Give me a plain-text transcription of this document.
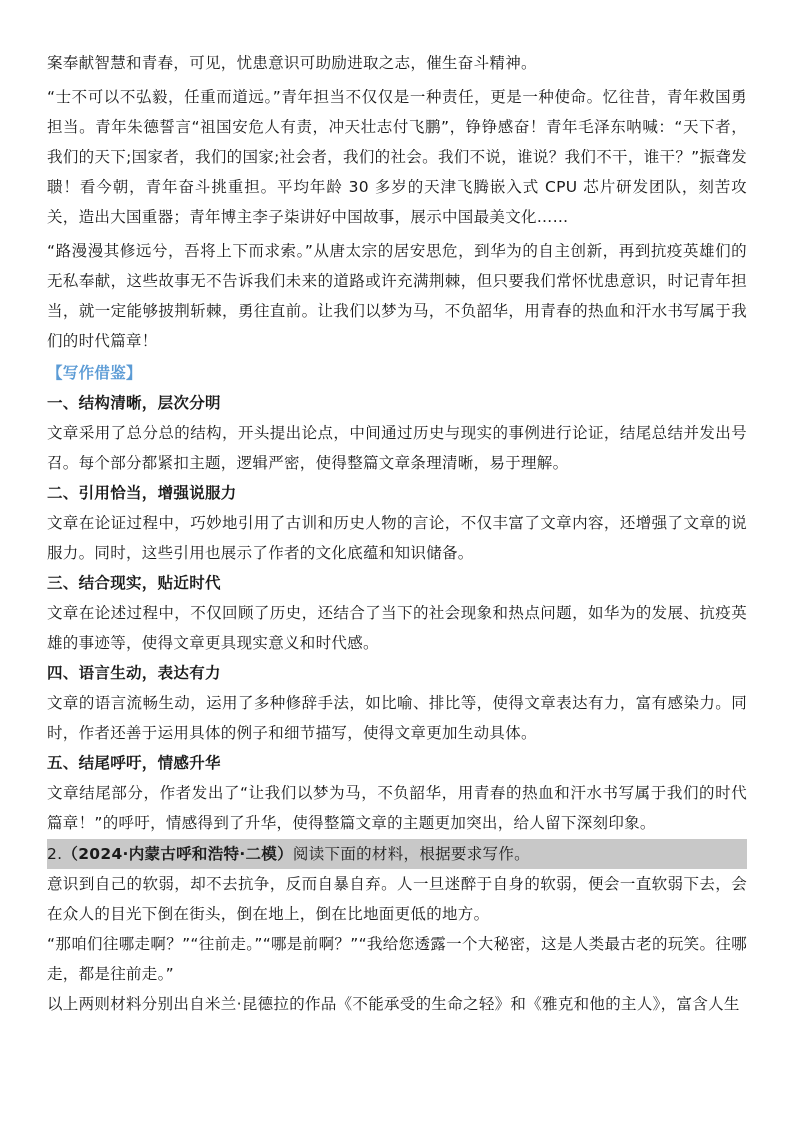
案奉献智慧和青春，可见，忧患意识可助励进取之志，催生奋斗精神。

“士不可以不弘毅，任重而道远。”青年担当不仅仅是一种责任，更是一种使命。忆往昔，青年救国勇担当。青年朱德誓言“祖国安危人有责，冲天壮志付飞鹏”，铮铮感奋！青年毛泽东呐喊：“天下者，我们的天下;国家者，我们的国家;社会者，我们的社会。我们不说，谁说？我们不干，谁干？”振聋发聩！看今朝，青年奋斗挑重担。平均年龄 30 多岁的天津飞腾嵌入式 CPU 芯片研发团队，刻苦攻关，造出大国重器；青年博主李子柒讲好中国故事，展示中国最美文化……

“路漫漫其修远兮，吾将上下而求索。”从唐太宗的居安思危，到华为的自主创新，再到抗疫英雄们的无私奉献，这些故事无不告诉我们未来的道路或许充满荆棘，但只要我们常怀忧患意识，时记青年担当，就一定能够披荆斩棘，勇往直前。让我们以梦为马，不负韶华，用青春的热血和汗水书写属于我们的时代篇章！

【写作借鉴】

一、结构清晰，层次分明

文章采用了总分总的结构，开头提出论点，中间通过历史与现实的事例进行论证，结尾总结并发出号召。每个部分都紧扣主题，逻辑严密，使得整篇文章条理清晰，易于理解。

二、引用恰当，增强说服力

文章在论证过程中，巧妙地引用了古训和历史人物的言论，不仅丰富了文章内容，还增强了文章的说服力。同时，这些引用也展示了作者的文化底蕴和知识储备。

三、结合现实，贴近时代

文章在论述过程中，不仅回顾了历史，还结合了当下的社会现象和热点问题，如华为的发展、抗疫英雄的事迹等，使得文章更具现实意义和时代感。

四、语言生动，表达有力

文章的语言流畅生动，运用了多种修辞手法，如比喻、排比等，使得文章表达有力，富有感染力。同时，作者还善于运用具体的例子和细节描写，使得文章更加生动具体。

五、结尾呼吁，情感升华

文章结尾部分，作者发出了“让我们以梦为马，不负韶华，用青春的热血和汗水书写属于我们的时代篇章！”的呼吁，情感得到了升华，使得整篇文章的主题更加突出，给人留下深刻印象。

2.（2024·内蒙古呼和浩特·二模）阅读下面的材料，根据要求写作。

意识到自己的软弱，却不去抗争，反而自暴自弃。人一旦迷醉于自身的软弱，便会一直软弱下去，会在众人的目光下倒在街头，倒在地上，倒在比地面更低的地方。

“那咱们往哪走啊？”“往前走。”“哪是前啊？”“我给您透露一个大秘密，这是人类最古老的玩笑。往哪走，都是往前走。”

以上两则材料分别出自米兰·昆德拉的作品《不能承受的生命之轻》和《雅克和他的主人》，富含人生
